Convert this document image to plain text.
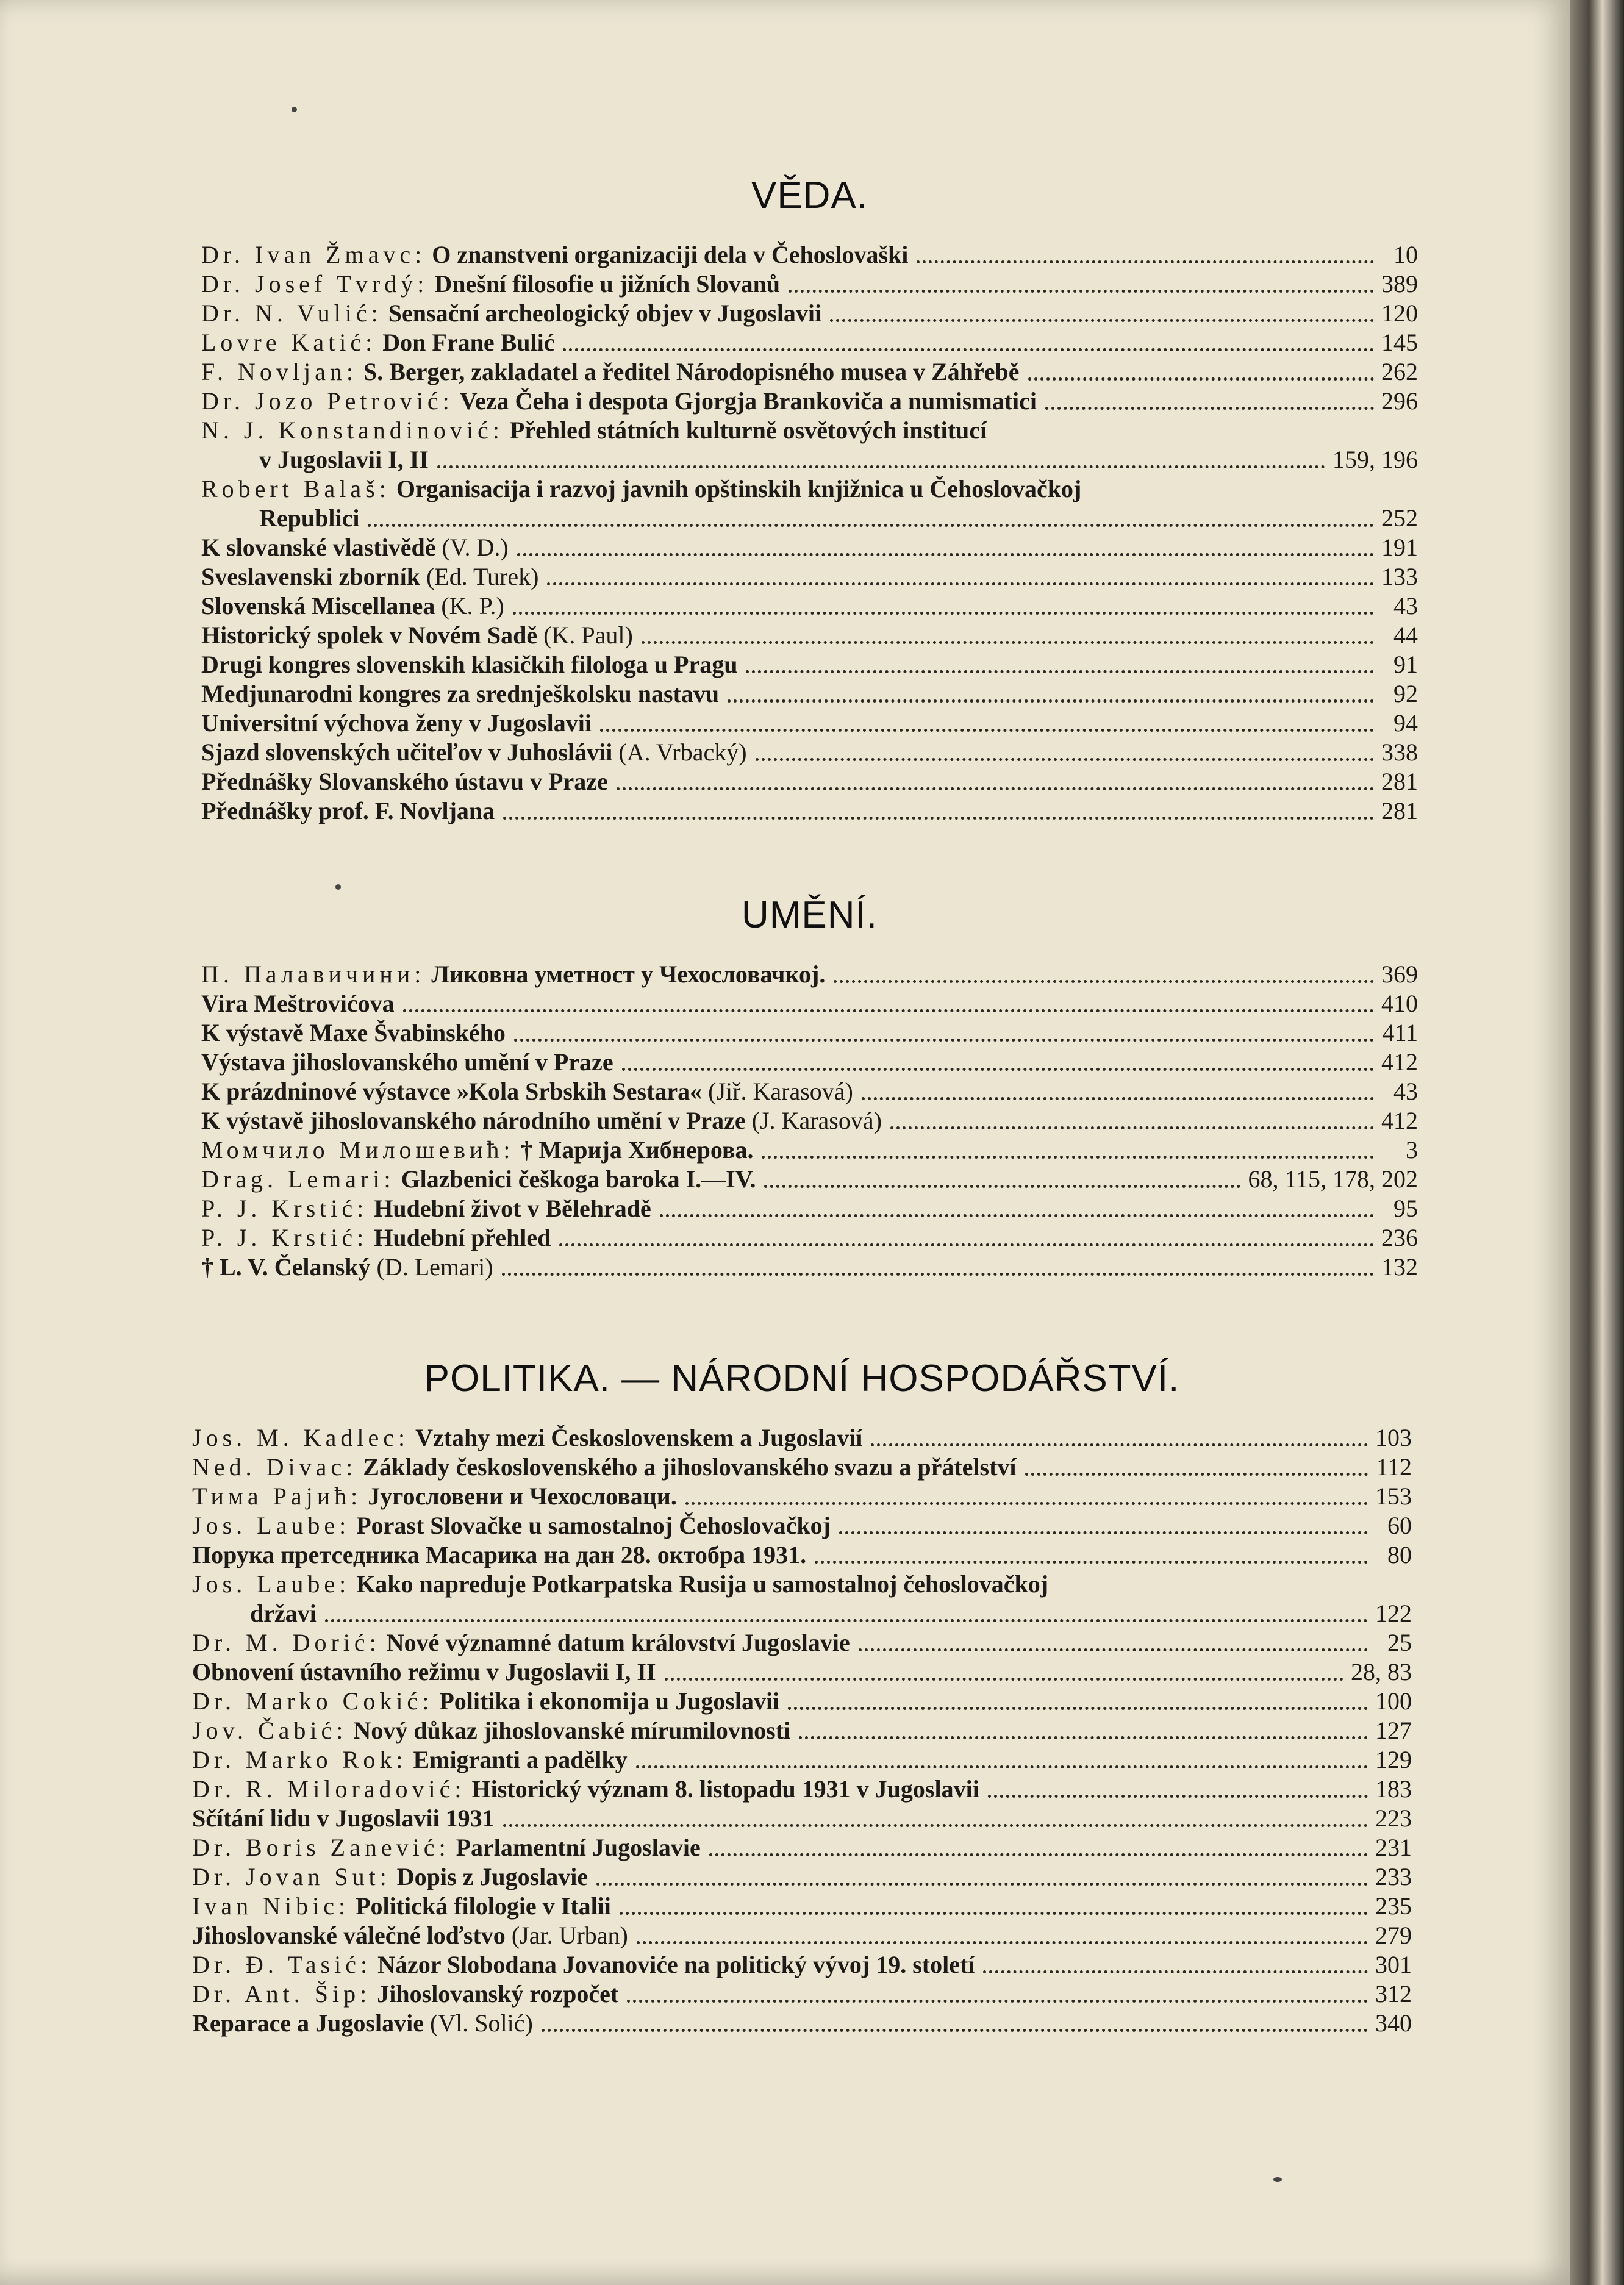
VĚDA.
Dr. Ivan Žmavc: O znanstveni organizaciji dela v Čehoslovaški	10
Dr. Josef Tvrdý: Dnešní filosofie u jižních Slovanů	389
Dr. N. Vulić: Sensační archeologický objev v Jugoslavii	120
Lovre Katić: Don Frane Bulić	145
F. Novljan: S. Berger, zakladatel a ředitel Národopisného musea v Záhřebě	262
Dr. Jozo Petrović: Veza Čeha i despota Gjorgja Brankoviča a numismatici	296
N. J. Konstandinović: Přehled státních kulturně osvětových institucí
v Jugoslavii I, II	159, 196
Robert Balaš: Organisacija i razvoj javnih opštinskih knjižnica u Čehoslovačkoj
Republici	252
K slovanské vlastivědě (V. D.)	191
Sveslavenski zborník (Ed. Turek)	133
Slovenská Miscellanea (K. P.)	43
Historický spolek v Novém Sadě (K. Paul)	44
Drugi kongres slovenskih klasičkih filologa u Pragu	91
Medjunarodni kongres za srednješkolsku nastavu	92
Universitní výchova ženy v Jugoslavii	94
Sjazd slovenských učiteľov v Juhoslávii (A. Vrbacký)	338
Přednášky Slovanského ústavu v Praze	281
Přednášky prof. F. Novljana	281
UMĚNÍ.
П. Палавичини: Ликовна уметност у Чехословачкој.	369
Vira Meštrovićova	410
K výstavě Maxe Švabinského	411
Výstava jihoslovanského umění v Praze	412
K prázdninové výstavce »Kola Srbskih Sestara« (Jiř. Karasová)	43
K výstavě jihoslovanského národního umění v Praze (J. Karasová)	412
Момчило Милошевић: † Марија Хибнерова.	3
Drag. Lemari: Glazbenici češkoga baroka I.—IV.	68, 115, 178, 202
P. J. Krstić: Hudební život v Bělehradě	95
P. J. Krstić: Hudební přehled	236
† L. V. Čelanský (D. Lemari)	132
POLITIKA. — NÁRODNÍ HOSPODÁŘSTVÍ.
Jos. M. Kadlec: Vztahy mezi Československem a Jugoslavií	103
Ned. Divac: Základy československého a jihoslovanského svazu a přátelství	112
Тима Рајић: Југословени и Чехословаци.	153
Jos. Laube: Porast Slovačke u samostalnoj Čehoslovačkoj	60
Порука претседника Масарика на дан 28. октобра 1931.	80
Jos. Laube: Kako napreduje Potkarpatska Rusija u samostalnoj čehoslovačkoj
državi	122
Dr. M. Dorić: Nové významné datum království Jugoslavie	25
Obnovení ústavního režimu v Jugoslavii I, II	28, 83
Dr. Marko Cokić: Politika i ekonomija u Jugoslavii	100
Jov. Čabić: Nový důkaz jihoslovanské mírumilovnosti	127
Dr. Marko Rok: Emigranti a padělky	129
Dr. R. Miloradović: Historický význam 8. listopadu 1931 v Jugoslavii	183
Sčítání lidu v Jugoslavii 1931	223
Dr. Boris Zanević: Parlamentní Jugoslavie	231
Dr. Jovan Sut: Dopis z Jugoslavie	233
Ivan Nibic: Politická filologie v Italii	235
Jihoslovanské válečné loďstvo (Jar. Urban)	279
Dr. Đ. Tasić: Názor Slobodana Jovanoviće na politický vývoj 19. století	301
Dr. Ant. Šip: Jihoslovanský rozpočet	312
Reparace a Jugoslavie (Vl. Solić)	340
